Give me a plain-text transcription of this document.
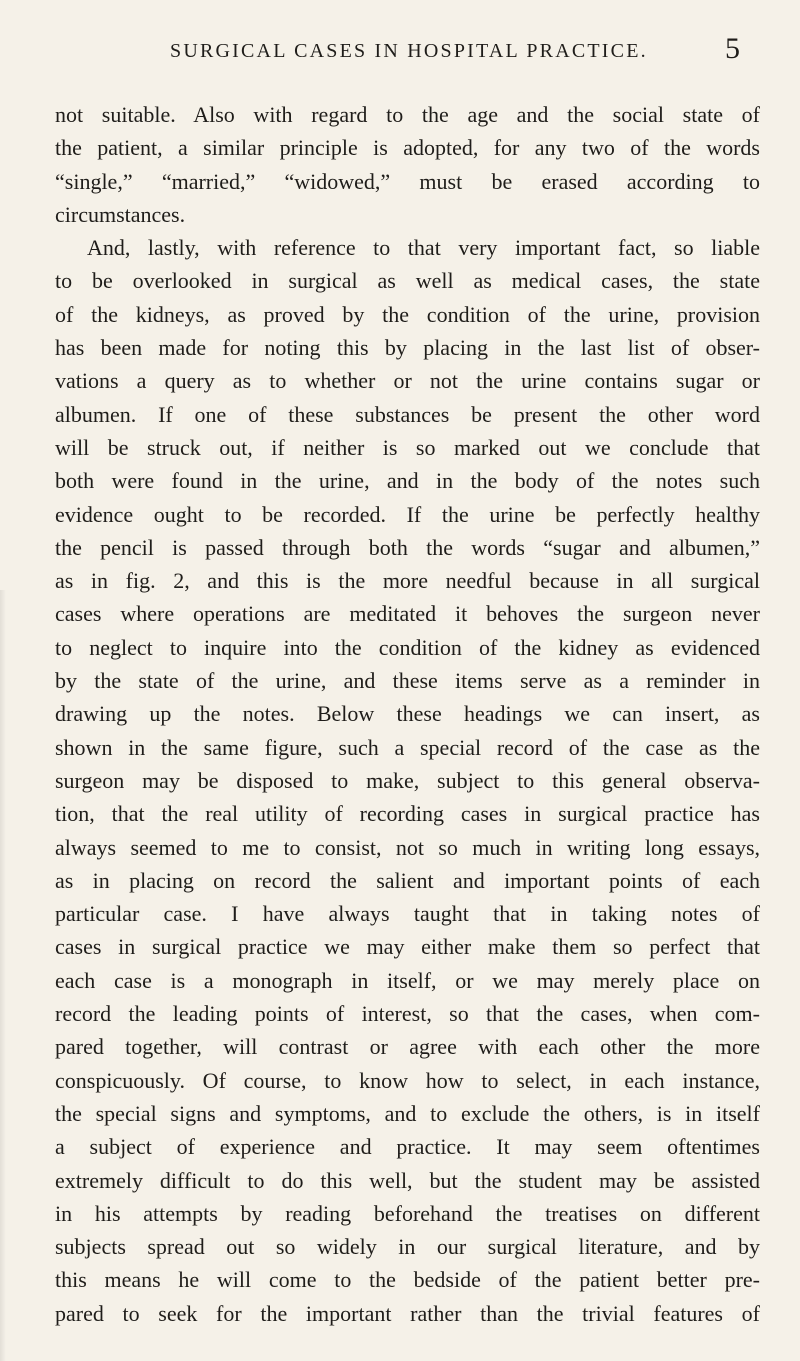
SURGICAL CASES IN HOSPITAL PRACTICE.	5
not suitable. Also with regard to the age and the social state of
the patient, a similar principle is adopted, for any two of the words
“single,” “married,” “widowed,” must be erased according to
circumstances.
And, lastly, with reference to that very important fact, so liable
to be overlooked in surgical as well as medical cases, the state
of the kidneys, as proved by the condition of the urine, provision
has been made for noting this by placing in the last list of obser-
vations a query as to whether or not the urine contains sugar or
albumen. If one of these substances be present the other word
will be struck out, if neither is so marked out we conclude that
both were found in the urine, and in the body of the notes such
evidence ought to be recorded. If the urine be perfectly healthy
the pencil is passed through both the words “sugar and albumen,”
as in fig. 2, and this is the more needful because in all surgical
cases where operations are meditated it behoves the surgeon never
to neglect to inquire into the condition of the kidney as evidenced
by the state of the urine, and these items serve as a reminder in
drawing up the notes. Below these headings we can insert, as
shown in the same figure, such a special record of the case as the
surgeon may be disposed to make, subject to this general observa-
tion, that the real utility of recording cases in surgical practice has
always seemed to me to consist, not so much in writing long essays,
as in placing on record the salient and important points of each
particular case. I have always taught that in taking notes of
cases in surgical practice we may either make them so perfect that
each case is a monograph in itself, or we may merely place on
record the leading points of interest, so that the cases, when com-
pared together, will contrast or agree with each other the more
conspicuously. Of course, to know how to select, in each instance,
the special signs and symptoms, and to exclude the others, is in itself
a subject of experience and practice. It may seem oftentimes
extremely difficult to do this well, but the student may be assisted
in his attempts by reading beforehand the treatises on different
subjects spread out so widely in our surgical literature, and by
this means he will come to the bedside of the patient better pre-
pared to seek for the important rather than the trivial features of
